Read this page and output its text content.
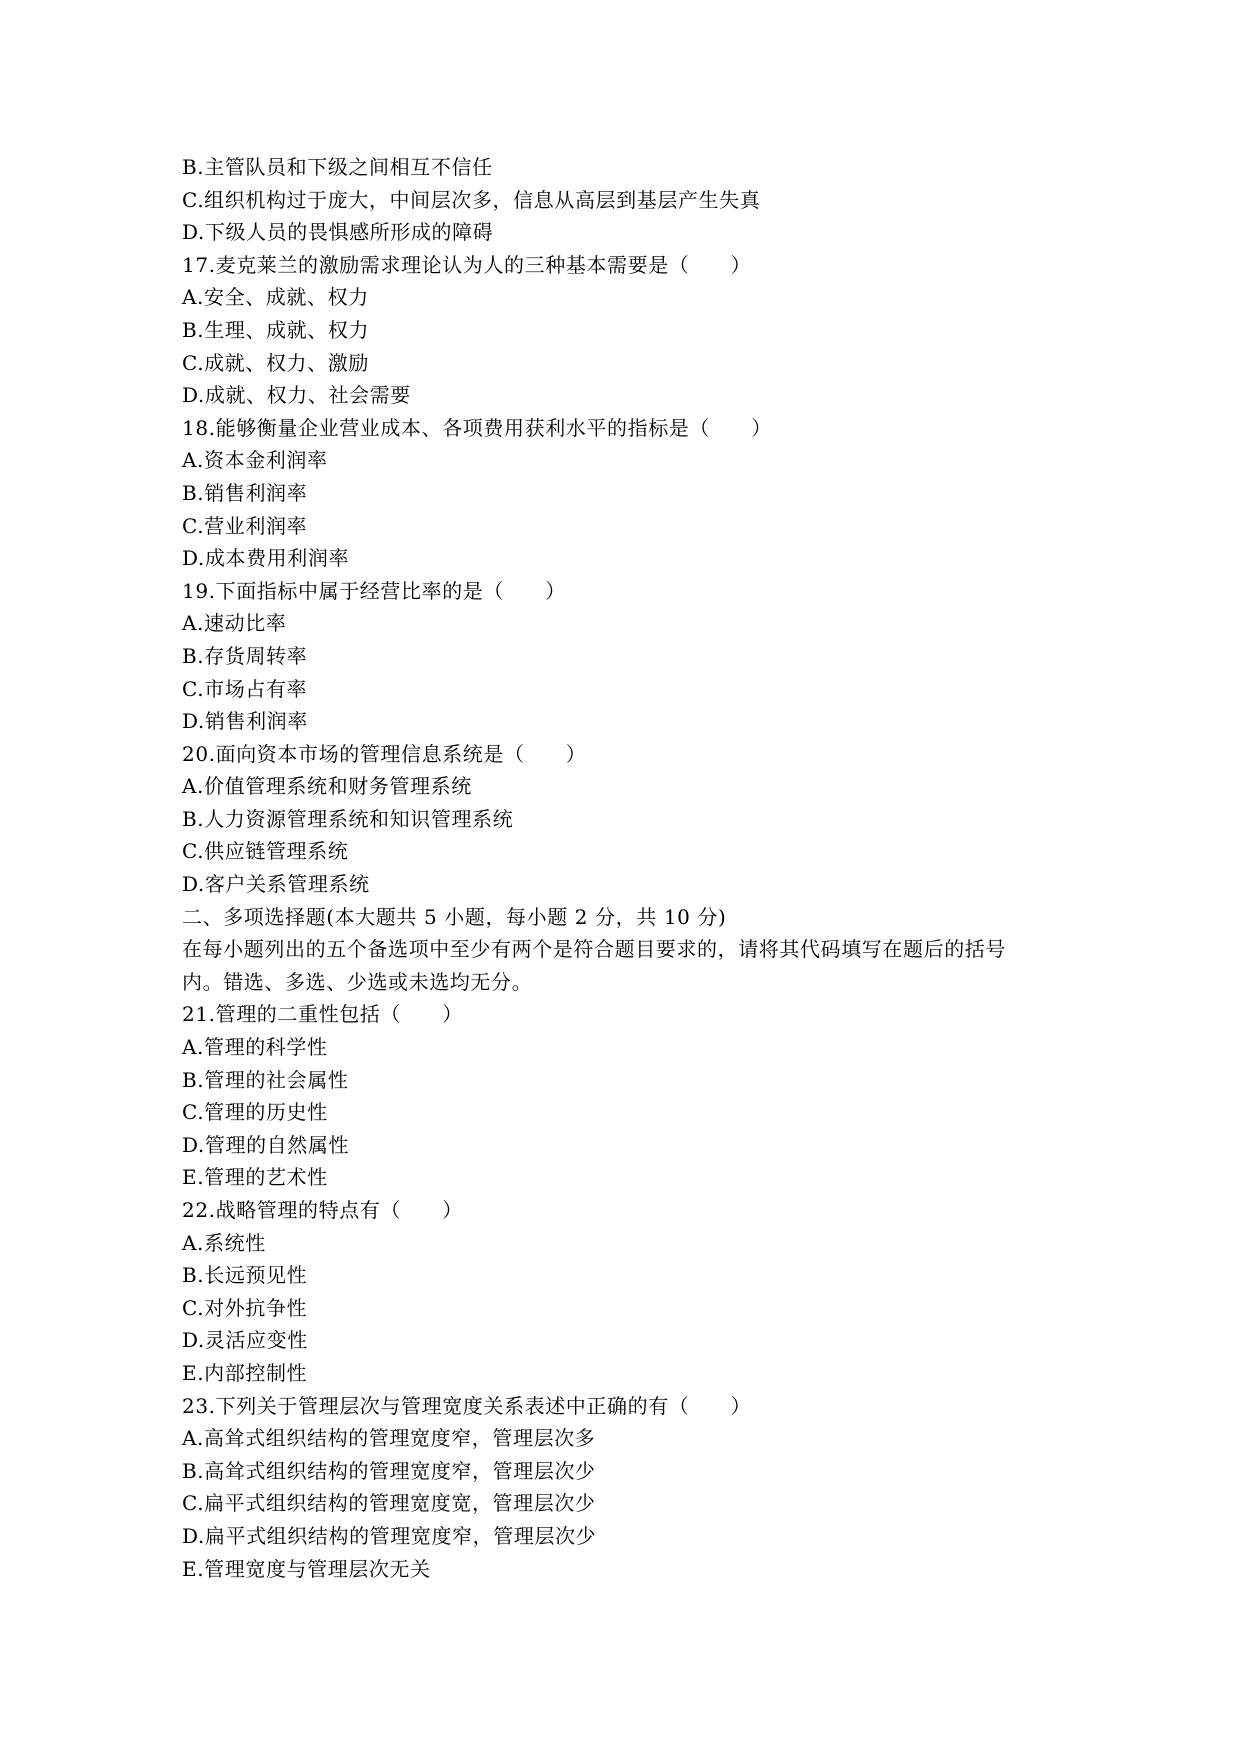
B.主管队员和下级之间相互不信任
C.组织机构过于庞大，中间层次多，信息从高层到基层产生失真
D.下级人员的畏惧感所形成的障碍
17.麦克莱兰的激励需求理论认为人的三种基本需要是（　　）
A.安全、成就、权力
B.生理、成就、权力
C.成就、权力、激励
D.成就、权力、社会需要
18.能够衡量企业营业成本、各项费用获利水平的指标是（　　）
A.资本金利润率
B.销售利润率
C.营业利润率
D.成本费用利润率
19.下面指标中属于经营比率的是（　　）
A.速动比率
B.存货周转率
C.市场占有率
D.销售利润率
20.面向资本市场的管理信息系统是（　　）
A.价值管理系统和财务管理系统
B.人力资源管理系统和知识管理系统
C.供应链管理系统
D.客户关系管理系统
二、多项选择题(本大题共 5 小题，每小题 2 分，共 10 分)
在每小题列出的五个备选项中至少有两个是符合题目要求的，请将其代码填写在题后的括号
内。错选、多选、少选或未选均无分。
21.管理的二重性包括（　　）
A.管理的科学性
B.管理的社会属性
C.管理的历史性
D.管理的自然属性
E.管理的艺术性
22.战略管理的特点有（　　）
A.系统性
B.长远预见性
C.对外抗争性
D.灵活应变性
E.内部控制性
23.下列关于管理层次与管理宽度关系表述中正确的有（　　）
A.高耸式组织结构的管理宽度窄，管理层次多
B.高耸式组织结构的管理宽度窄，管理层次少
C.扁平式组织结构的管理宽度宽，管理层次少
D.扁平式组织结构的管理宽度窄，管理层次少
E.管理宽度与管理层次无关
